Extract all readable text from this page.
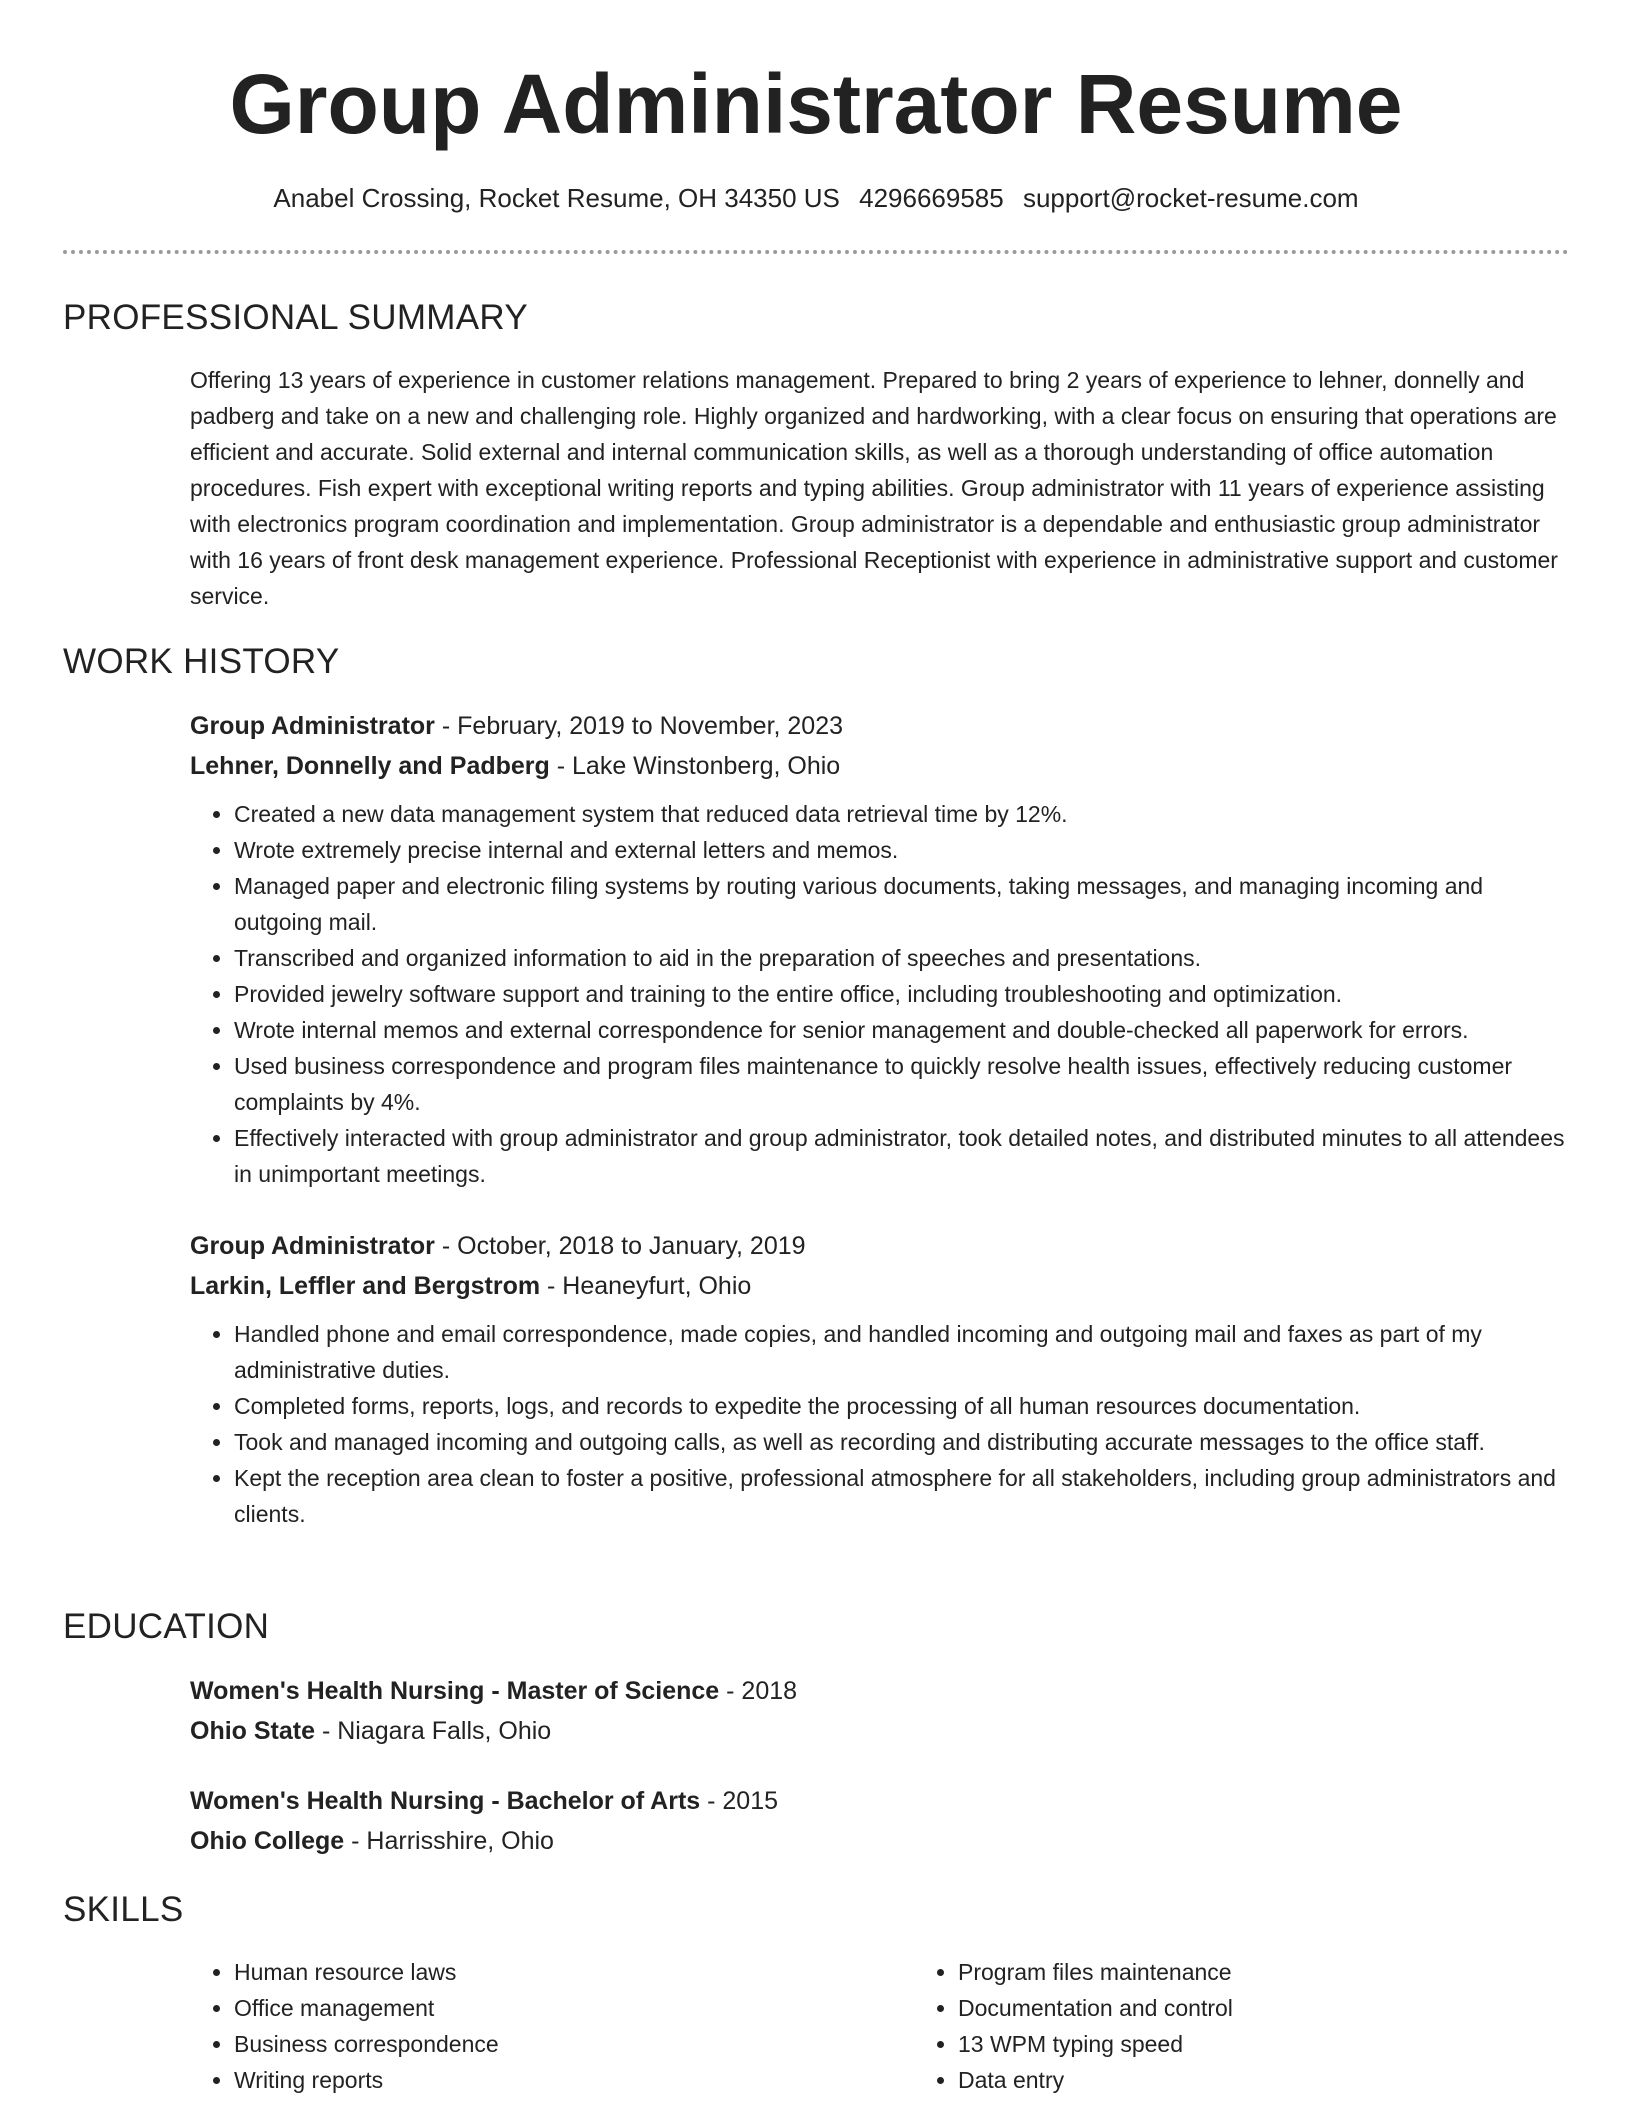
Group Administrator Resume
Anabel Crossing, Rocket Resume, OH 34350 US 4296669585 support@rocket-resume.com
PROFESSIONAL SUMMARY

Offering 13 years of experience in customer relations management. Prepared to bring 2 years of experience to lehner, donnelly and padberg and take on a new and challenging role. Highly organized and hardworking, with a clear focus on ensuring that operations are efficient and accurate. Solid external and internal communication skills, as well as a thorough understanding of office automation procedures. Fish expert with exceptional writing reports and typing abilities. Group administrator with 11 years of experience assisting with electronics program coordination and implementation. Group administrator is a dependable and enthusiastic group administrator with 16 years of front desk management experience. Professional Receptionist with experience in administrative support and customer service.

WORK HISTORY

Group Administrator - February, 2019 to November, 2023

Lehner, Donnelly and Padberg - Lake Winstonberg, Ohio

• Created a new data management system that reduced data retrieval time by 12%.
• Wrote extremely precise internal and external letters and memos.
• Managed paper and electronic filing systems by routing various documents, taking messages, and managing incoming and outgoing mail.
• Transcribed and organized information to aid in the preparation of speeches and presentations.
• Provided jewelry software support and training to the entire office, including troubleshooting and optimization.
• Wrote internal memos and external correspondence for senior management and double-checked all paperwork for errors.
• Used business correspondence and program files maintenance to quickly resolve health issues, effectively reducing customer complaints by 4%.
• Effectively interacted with group administrator and group administrator, took detailed notes, and distributed minutes to all attendees in unimportant meetings.

Group Administrator - October, 2018 to January, 2019

Larkin, Leffler and Bergstrom - Heaneyfurt, Ohio

• Handled phone and email correspondence, made copies, and handled incoming and outgoing mail and faxes as part of my administrative duties.
• Completed forms, reports, logs, and records to expedite the processing of all human resources documentation.
• Took and managed incoming and outgoing calls, as well as recording and distributing accurate messages to the office staff.
• Kept the reception area clean to foster a positive, professional atmosphere for all stakeholders, including group administrators and clients.
EDUCATION

Women's Health Nursing - Master of Science - 2018

Ohio State - Niagara Falls, Ohio

Women's Health Nursing - Bachelor of Arts - 2015

Ohio College - Harrisshire, Ohio

SKILLS
• Human resource laws
• Office management
• Business correspondence
• Writing reports
• Program files maintenance
• Documentation and control
• 13 WPM typing speed
• Data entry
